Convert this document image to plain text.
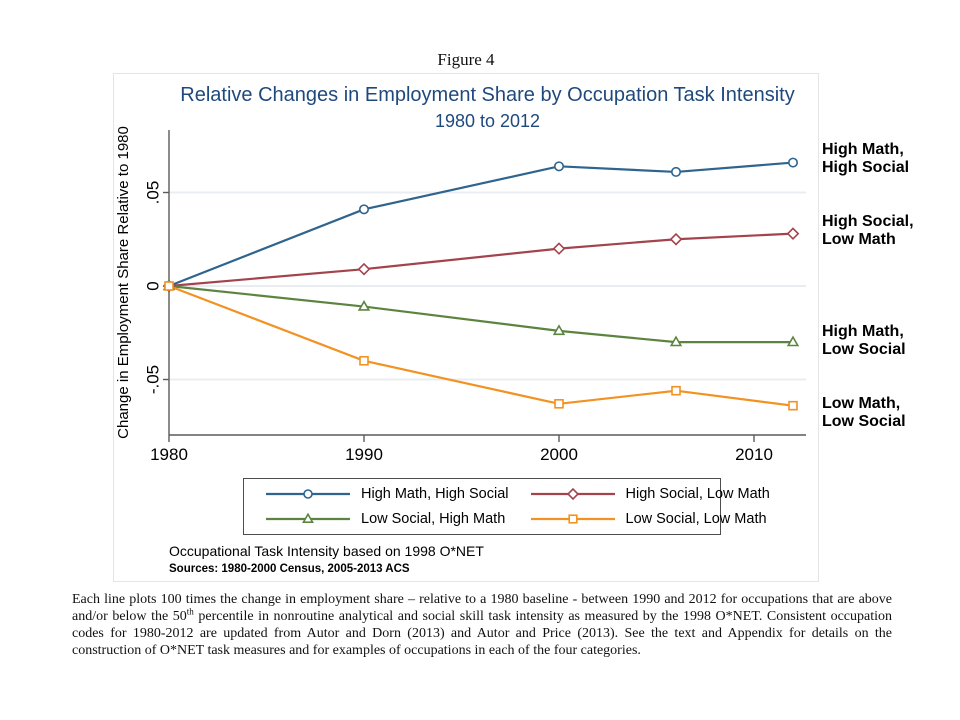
Figure 4
.05
0
-.05
1980	1990	2000	2010
Change in Employment Share Relative to 1980
Relative Changes in Employment Share by Occupation Task Intensity
1980 to 2012
High Math, High Social	High Social, Low Math
Low Social, High Math	Low Social, Low Math
Occupational Task Intensity based on 1998 O*NET
Sources: 1980-2000 Census, 2005-2013 ACS
High Math,
High Social
High Social,
Low Math
High Math,
Low Social
Low Math,
Low Social
Each line plots 100 times the change in employment share – relative to a 1980 baseline - between 1990 and 2012 for occupations that are above and/or below the 50th percentile in nonroutine analytical and social skill task intensity as measured by the 1998 O*NET. Consistent occupation codes for 1980-2012 are updated from Autor and Dorn (2013) and Autor and Price (2013). See the text and Appendix for details on the construction of O*NET task measures and for examples of occupations in each of the four categories.
